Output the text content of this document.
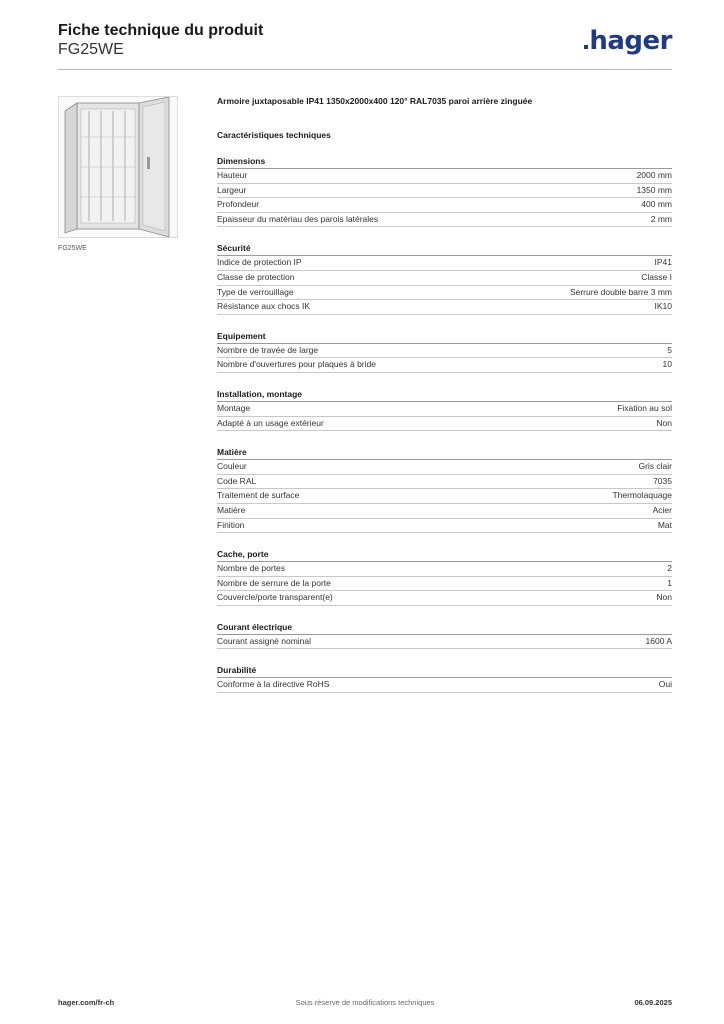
Fiche technique du produit
FG25WE	hager
FG25WE
Armoire juxtaposable IP41 1350x2000x400 120° RAL7035 paroi arrière zinguée
Caractéristiques techniques
Dimensions
Hauteur	2000 mm
Largeur	1350 mm
Profondeur	400 mm
Epaisseur du matériau des parois latérales	2 mm
Sécurité
Indice de protection IP	IP41
Classe de protection	Classe I
Type de verrouillage	Serrure double barre 3 mm
Résistance aux chocs IK	IK10
Equipement
Nombre de travée de large	5
Nombre d'ouvertures pour plaques à bride	10
Installation, montage
Montage	Fixation au sol
Adapté à un usage extérieur	Non
Matière
Couleur	Gris clair
Code RAL	7035
Traitement de surface	Thermolaquage
Matière	Acier
Finition	Mat
Cache, porte
Nombre de portes	2
Nombre de serrure de la porte	1
Couvercle/porte transparent(e)	Non
Courant électrique
Courant assigné nominal	1600 A
Durabilité
Conforme à la directive RoHS	Oui
hager.com/fr-ch	Sous réserve de modifications techniques	06.09.2025
